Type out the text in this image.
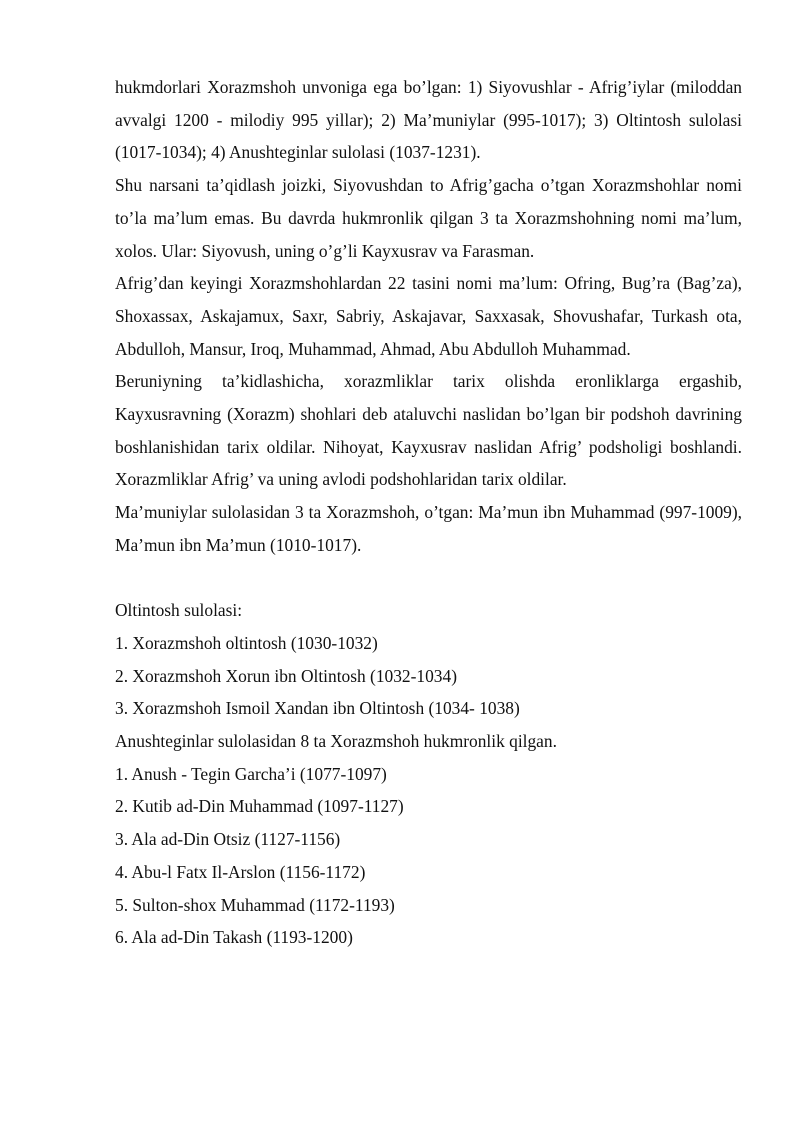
hukmdorlari Xorazmshoh unvoniga ega bo’lgan: 1) Siyovushlar - Afrig’iylar (miloddan avvalgi 1200 - milodiy 995 yillar); 2) Ma’muniylar (995-1017); 3) Oltintosh sulolasi (1017-1034); 4) Anushteginlar sulolasi (1037-1231).

Shu narsani ta’qidlash joizki, Siyovushdan to Afrig’gacha o’tgan Xorazmshohlar nomi to’la ma’lum emas. Bu davrda hukmronlik qilgan 3 ta Xorazmshohning nomi ma’lum, xolos. Ular: Siyovush, uning o’g’li Kayxusrav va Farasman.

Afrig’dan keyingi Xorazmshohlardan 22 tasini nomi ma’lum: Ofring, Bug’ra (Bag’za), Shoxassax, Askajamux, Saxr, Sabriy, Askajavar, Saxxasak, Shovushafar, Turkash ota, Abdulloh, Mansur, Iroq, Muhammad, Ahmad, Abu Abdulloh Muhammad.

Beruniyning ta’kidlashicha, xorazmliklar tarix olishda eronliklarga ergashib, Kayxusravning (Xorazm) shohlari deb ataluvchi naslidan bo’lgan bir podshoh davrining boshlanishidan tarix oldilar. Nihoyat, Kayxusrav naslidan Afrig’ podsholigi boshlandi. Xorazmliklar Afrig’ va uning avlodi podshohlaridan tarix oldilar.

Ma’muniylar sulolasidan 3 ta Xorazmshoh, o’tgan: Ma’mun ibn Muhammad (997-1009), Ma’mun ibn Ma’mun (1010-1017).

Oltintosh sulolasi:

1. Xorazmshoh oltintosh (1030-1032)

2. Xorazmshoh Xorun ibn Oltintosh (1032-1034)

3. Xorazmshoh Ismoil Xandan ibn Oltintosh (1034- 1038)

Anushteginlar sulolasidan 8 ta Xorazmshoh hukmronlik qilgan.

1. Anush - Tegin Garcha’i (1077-1097)

2. Kutib ad-Din Muhammad (1097-1127)

3. Ala ad-Din Otsiz (1127-1156)

4. Abu-l Fatx Il-Arslon (1156-1172)

5. Sulton-shox Muhammad (1172-1193)

6. Ala ad-Din Takash (1193-1200)
